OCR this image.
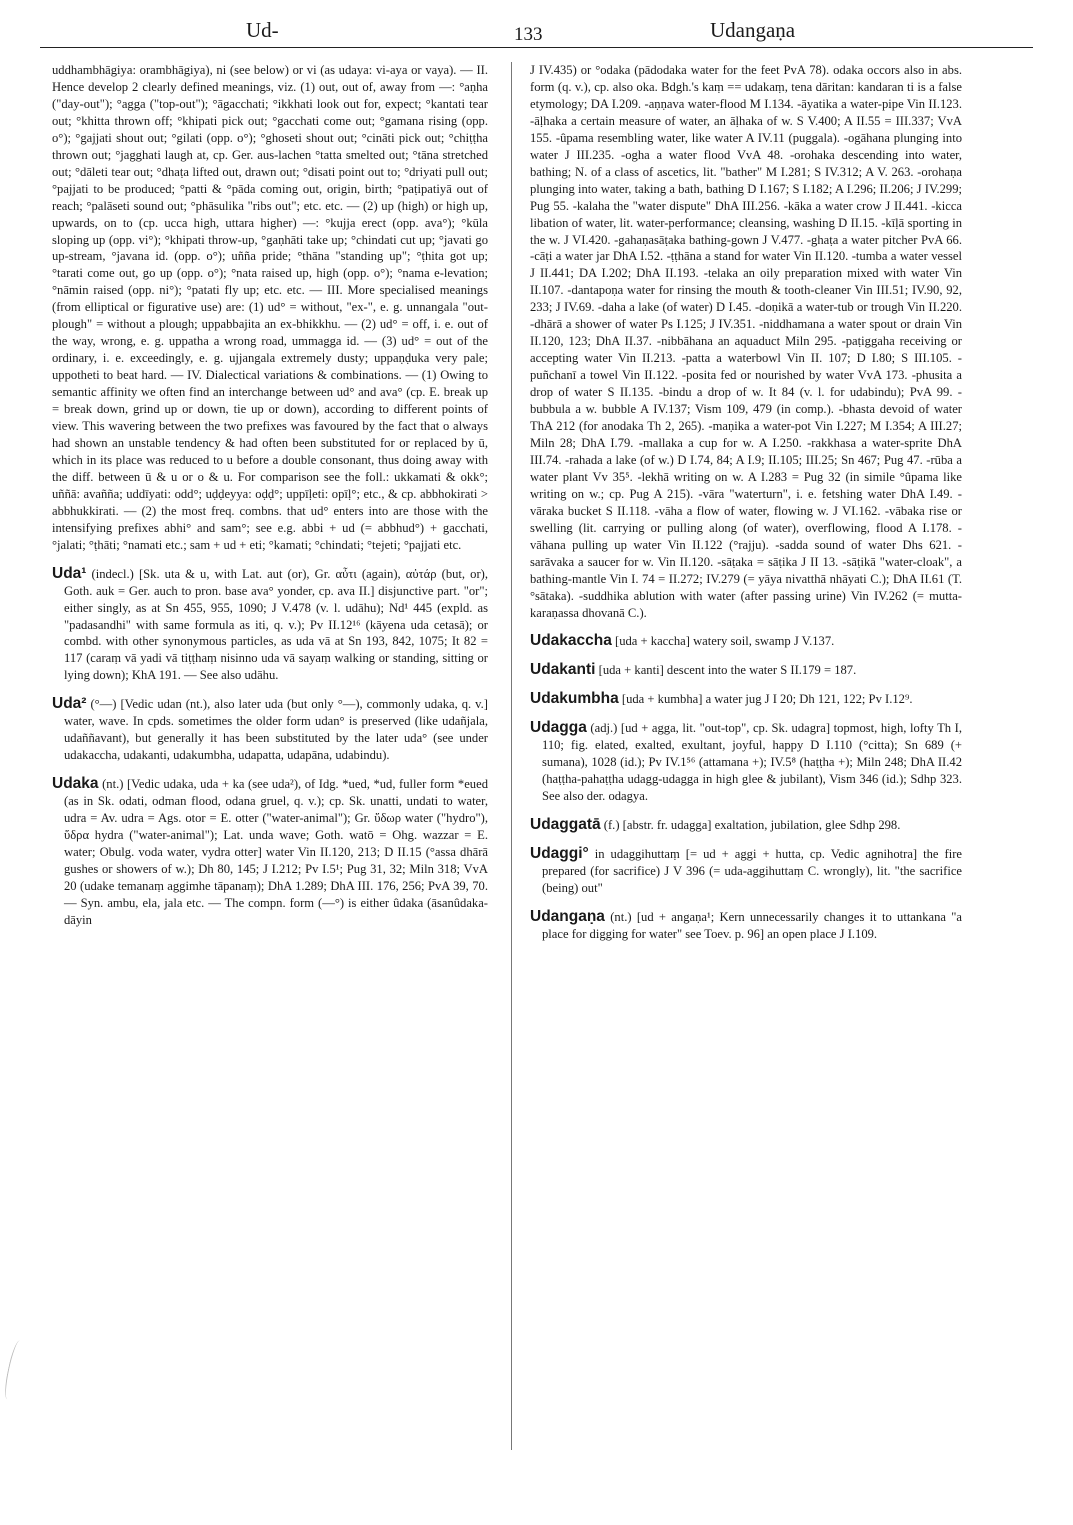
Ud-	133	Udangaṇa

uddhambhāgiya: orambhāgiya), ni (see below) or vi (as udaya: vi-aya or vaya). — II. Hence develop 2 clearly defined meanings, viz. (1) out, out of, away from —: °aṇha ("day-out"); °agga ("top-out"); °āgacchati; °ikkhati look out for, expect; °kantati tear out; °khitta thrown off; °khipati pick out; °gacchati come out; °gamana rising (opp. o°); °gajjati shout out; °gilati (opp. o°); °ghoseti shout out; °cināti pick out; °chiṭṭha thrown out; °jagghati laugh at, cp. Ger. aus-lachen °tatta smelted out; °tāna stretched out; °dāleti tear out; °dhaṭa lifted out, drawn out; °disati point out to; °driyati pull out; °pajjati to be produced; °patti & °pāda coming out, origin, birth; °paṭipatiyā out of reach; °palāseti sound out; °phāsulika "ribs out"; etc. etc. — (2) up (high) or high up, upwards, on to (cp. ucca high, uttara higher) —: °kujja erect (opp. ava°); °kūla sloping up (opp. vi°); °khipati throw-up, °gaṇhāti take up; °chindati cut up; °javati go up-stream, °javana id. (opp. o°); uñña pride; °thāna "standing up"; °ṭhita got up; °tarati come out, go up (opp. o°); °nata raised up, high (opp. o°); °nama e-levation; °nāmin raised (opp. ni°); °patati fly up; etc. etc. — III. More specialised meanings (from elliptical or figurative use) are: (1) ud° = without, "ex-", e. g. unnangala "out-plough" = without a plough; uppabbajita an ex-bhikkhu. — (2) ud° = off, i. e. out of the way, wrong, e. g. uppatha a wrong road, ummagga id. — (3) ud° = out of the ordinary, i. e. exceedingly, e. g. ujjangala extremely dusty; uppaṇḍuka very pale; uppotheti to beat hard. — IV. Dialectical variations & combinations. — (1) Owing to semantic affinity we often find an interchange between ud° and ava° (cp. E. break up = break down, grind up or down, tie up or down), according to different points of view. This wavering between the two prefixes was favoured by the fact that o always had shown an unstable tendency & had often been substituted for or replaced by ū, which in its place was reduced to u before a double consonant, thus doing away with the diff. between ū & u or o & u. For comparison see the foll.: ukkamati & okk°; uññā: avañña; uddīyati: odd°; uḍḍeyya: oḍḍ°; uppīḷeti: opīḷ°; etc., & cp. abbhokirati > abbhukkirati. — (2) the most freq. combns. that ud° enters into are those with the intensifying prefixes abhi° and sam°; see e.g. abbi + ud (= abbhud°) + gacchati, °jalati; °ṭhāti; °namati etc.; sam + ud + eti; °kamati; °chindati; °tejeti; °pajjati etc.

Uda¹ (indecl.) [Sk. uta & u, with Lat. aut (or), Gr. αὖτι (again), αὐτάρ (but, or), Goth. auk = Ger. auch to pron. base ava° yonder, cp. ava II.] disjunctive part. "or"; either singly, as at Sn 455, 955, 1090; J V.478 (v. l. udāhu); Nd¹ 445 (expld. as "padasandhi" with same formula as iti, q. v.); Pv II.12¹⁶ (kāyena uda cetasā); or combd. with other synonymous particles, as uda vā at Sn 193, 842, 1075; It 82 = 117 (caraṃ vā yadi vā tiṭṭhaṃ nisinno uda vā sayaṃ walking or standing, sitting or lying down); KhA 191. — See also udāhu.

Uda² (°—) [Vedic udan (nt.), also later uda (but only °—), commonly udaka, q. v.] water, wave. In cpds. sometimes the older form udan° is preserved (like udañjala, udaññavant), but generally it has been substituted by the later uda° (see under udakaccha, udakanti, udakumbha, udapatta, udapāna, udabindu).

Udaka (nt.) [Vedic udaka, uda + ka (see uda²), of Idg. *ued, *ud, fuller form *eued (as in Sk. odati, odman flood, odana gruel, q. v.); cp. Sk. unatti, undati to water, udra = Av. udra = Ags. otor = E. otter ("water-animal"); Gr. ὕδωρ water ("hydro"), ὕδρα hydra ("water-animal"); Lat. unda wave; Goth. watō = Ohg. wazzar = E. water; Obulg. voda water, vydra otter] water Vin II.120, 213; D II.15 (°assa dhārā gushes or showers of w.); Dh 80, 145; J I.212; Pv I.5¹; Pug 31, 32; Miln 318; VvA 20 (udake temanaṃ aggimhe tāpanaṃ); DhA 1.289; DhA III. 176, 256; PvA 39, 70. — Syn. ambu, ela, jala etc. — The compn. form (—°) is either ûdaka (āsanûdaka-dāyin

J IV.435) or °odaka (pādodaka water for the feet PvA 78). odaka occors also in abs. form (q. v.), cp. also oka. Bdgh.'s kaṃ == udakaṃ, tena dāritan: kandaran ti is a false etymology; DA I.209. -aṇṇava water-flood M I.134. -āyatika a water-pipe Vin II.123. -āḷhaka a certain measure of water, an āḷhaka of w. S V.400; A II.55 = III.337; VvA 155. -ûpama resembling water, like water A IV.11 (puggala). -ogāhana plunging into water J III.235. -ogha a water flood VvA 48. -orohaka descending into water, bathing; N. of a class of ascetics, lit. "bather" M I.281; S IV.312; A V. 263. -orohaṇa plunging into water, taking a bath, bathing D I.167; S I.182; A I.296; II.206; J IV.299; Pug 55. -kalaha the "water dispute" DhA III.256. -kāka a water crow J II.441. -kicca libation of water, lit. water-performance; cleansing, washing D II.15. -kīḷā sporting in the w. J VI.420. -gahaṇasāṭaka bathing-gown J V.477. -ghaṭa a water pitcher PvA 66. -cāṭi a water jar DhA I.52. -ṭṭhāna a stand for water Vin II.120. -tumba a water vessel J II.441; DA I.202; DhA II.193. -telaka an oily preparation mixed with water Vin II.107. -dantapoṇa water for rinsing the mouth & tooth-cleaner Vin III.51; IV.90, 92, 233; J IV.69. -daha a lake (of water) D I.45. -doṇikā a water-tub or trough Vin II.220. -dhārā a shower of water Ps I.125; J IV.351. -niddhamana a water spout or drain Vin II.120, 123; DhA II.37. -nibbāhana an aquaduct Miln 295. -paṭiggaha receiving or accepting water Vin II.213. -patta a waterbowl Vin II. 107; D I.80; S III.105. -puñchanī a towel Vin II.122. -posita fed or nourished by water VvA 173. -phusita a drop of water S II.135. -bindu a drop of w. It 84 (v. l. for udabindu); PvA 99. -bubbula a w. bubble A IV.137; Vism 109, 479 (in comp.). -bhasta devoid of water ThA 212 (for anodaka Th 2, 265). -maṇika a water-pot Vin I.227; M I.354; A III.27; Miln 28; DhA I.79. -mallaka a cup for w. A I.250. -rakkhasa a water-sprite DhA III.74. -rahada a lake (of w.) D I.74, 84; A I.9; II.105; III.25; Sn 467; Pug 47. -rūba a water plant Vv 35⁵. -lekhā writing on w. A I.283 = Pug 32 (in simile °ûpama like writing on w.; cp. Pug A 215). -vāra "waterturn", i. e. fetshing water DhA I.49. -vāraka bucket S II.118. -vāha a flow of water, flowing w. J VI.162. -vābaka rise or swelling (lit. carrying or pulling along (of water), overflowing, flood A I.178. -vāhana pulling up water Vin II.122 (°rajju). -sadda sound of water Dhs 621. -sarāvaka a saucer for w. Vin II.120. -sāṭaka = sāṭika J II 13. -sāṭikā "water-cloak", a bathing-mantle Vin I. 74 = II.272; IV.279 (= yāya nivatthā nhāyati C.); DhA II.61 (T. °sātaka). -suddhika ablution with water (after passing urine) Vin IV.262 (= mutta-karaṇassa dhovanā C.).

Udakaccha [uda + kaccha] watery soil, swamp J V.137.

Udakanti [uda + kanti] descent into the water S II.179 = 187.

Udakumbha [uda + kumbha] a water jug J I 20; Dh 121, 122; Pv I.12⁹.

Udagga (adj.) [ud + agga, lit. "out-top", cp. Sk. udagra] topmost, high, lofty Th I, 110; fig. elated, exalted, exultant, joyful, happy D I.110 (°citta); Sn 689 (+ sumana), 1028 (id.); Pv IV.1⁵⁶ (attamana +); IV.5⁸ (haṭṭha +); Miln 248; DhA II.42 (haṭṭha-pahaṭṭha udagg-udagga in high glee & jubilant), Vism 346 (id.); Sdhp 323. See also der. odagya.

Udaggatā (f.) [abstr. fr. udagga] exaltation, jubilation, glee Sdhp 298.

Udaggi° in udaggihuttaṃ [= ud + aggi + hutta, cp. Vedic agnihotra] the fire prepared (for sacrifice) J V 396 (= uda-aggihuttaṃ C. wrongly), lit. "the sacrifice (being) out"

Udangaṇa (nt.) [ud + angaṇa¹; Kern unnecessarily changes it to uttankana "a place for digging for water" see Toev. p. 96] an open place J I.109.
